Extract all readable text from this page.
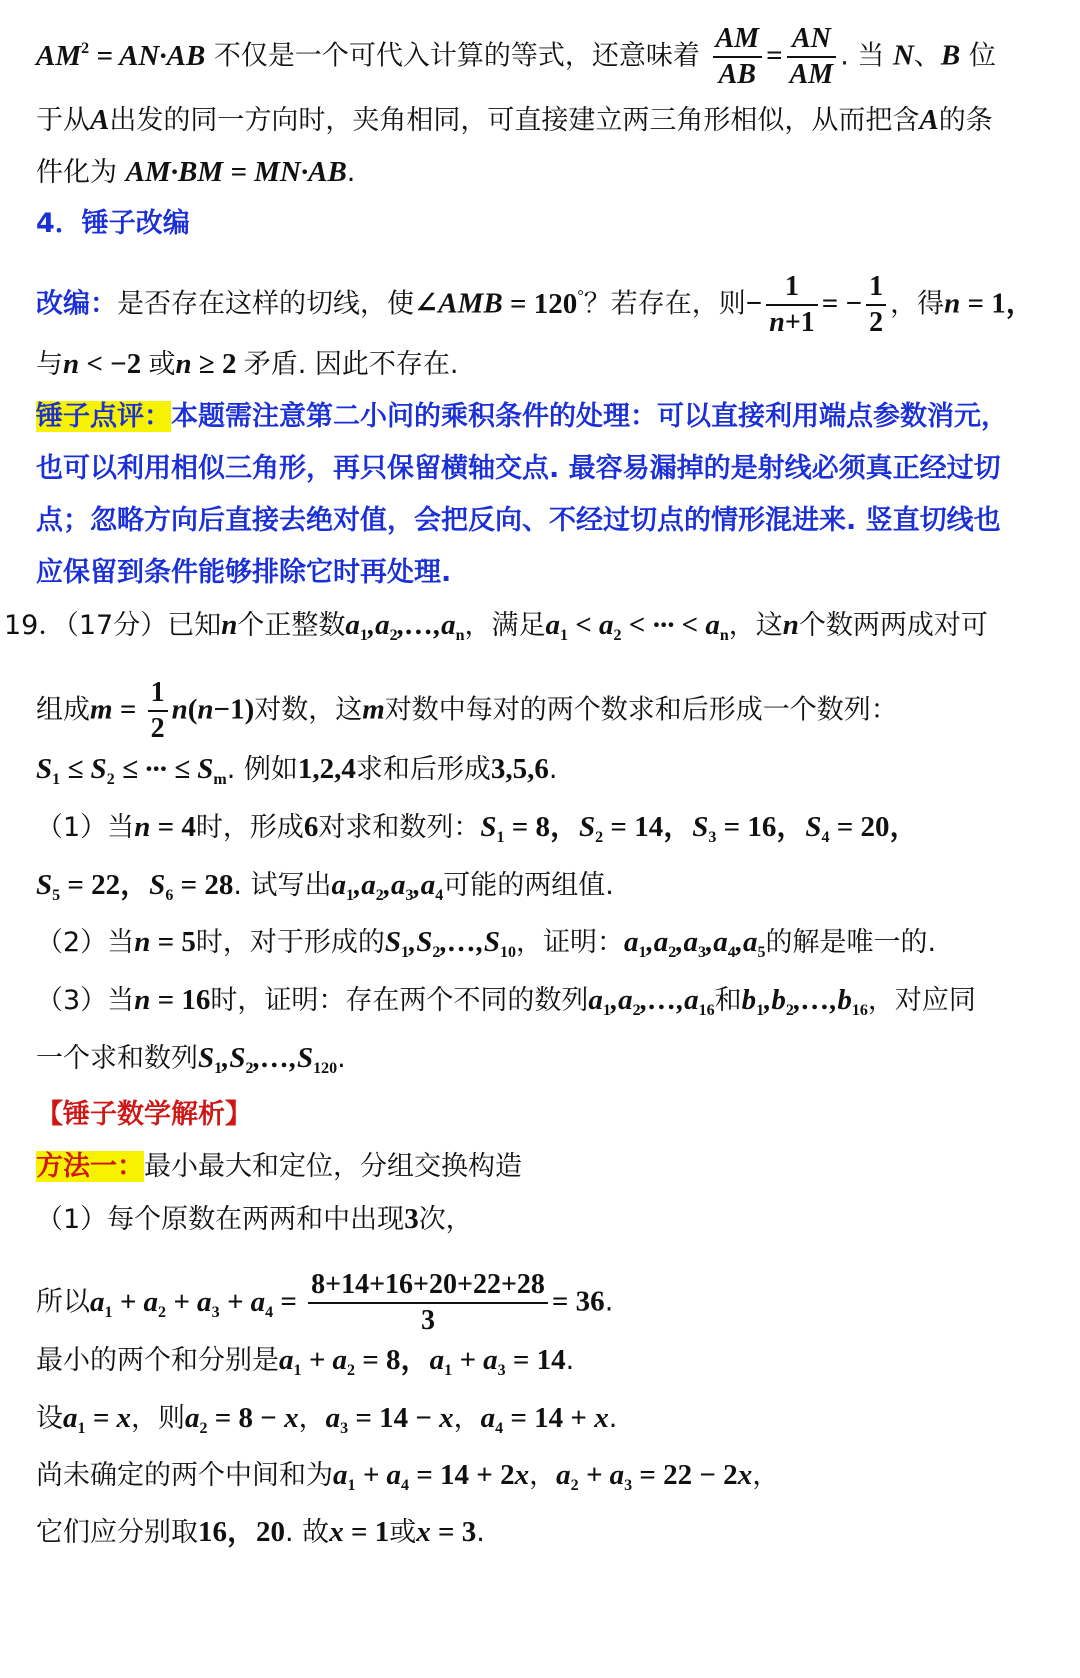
$AM^2 = AN\cdot AB$ 不仅是一个可代入计算的等式，还意味着 $\frac{AM}{AB} = \frac{AN}{AM}$ . 当 N、B 位
于从A出发的同一方向时，夹角相同，可直接建立两三角形相似，从而把含A的条
件化为 AM·BM = MN·AB.
4．锤子改编
改编：是否存在这样的切线，使∠AMB = 120°？若存在，则− $\frac{1}{n+1}$ = − $\frac{1}{2}$ ，得n = 1，
与n < −2 或n ≥ 2 矛盾. 因此不存在.
锤子点评：本题需注意第二小问的乘积条件的处理：可以直接利用端点参数消元，
也可以利用相似三角形，再只保留横轴交点. 最容易漏掉的是射线必须真正经过切
点；忽略方向后直接去绝对值，会把反向、不经过切点的情形混进来. 竖直切线也
应保留到条件能够排除它时再处理.
19．（17分）已知n个正整数$a_1,a_2,\dots,a_n$，满足$a_1 < a_2$ < ··· < $a_n$，这n个数两两成对可
组成$m = \frac{1}{2} n(n-1)$对数，这m对数中每对的两个数求和后形成一个数列：
$S_1 \le S_2$ ≤ ··· ≤ $S_m$. 例如1,2,4求和后形成3,5,6.
（1）当n = 4时，形成6对求和数列：$S_1 = 8$，$S_2 = 14$，$S_3 = 16$，$S_4 = 20$，
$S_5 = 22$，$S_6 = 28$. 试写出$a_1,a_2,a_3,a_4$可能的两组值.
（2）当n = 5时，对于形成的$S_1,S_2,\dots,S_{10}$，证明：$a_1,a_2,a_3,a_4,a_5$的解是唯一的.
（3）当n = 16时，证明：存在两个不同的数列$a_1,a_2,\dots,a_{16}$和$b_1,b_2,\dots,b_{16}$，对应同
一个求和数列$S_1,S_2,\dots,S_{120}$.
【锤子数学解析】
方法一：最小最大和定位，分组交换构造
（1）每个原数在两两和中出现3次，
所以$a_1 + a_2 + a_3 + a_4 = \frac{8+14+16+20+22+28}{3} = 36$.
最小的两个和分别是$a_1 + a_2 = 8$，$a_1 + a_3 = 14$.
设$a_1 = x$，则$a_2 = 8 - x$，$a_3 = 14 - x$，$a_4 = 14 + x$.
尚未确定的两个中间和为$a_1 + a_4 = 14 + 2x$，$a_2 + a_3 = 22 - 2x$，
它们应分别取16，20. 故x = 1或x = 3.
